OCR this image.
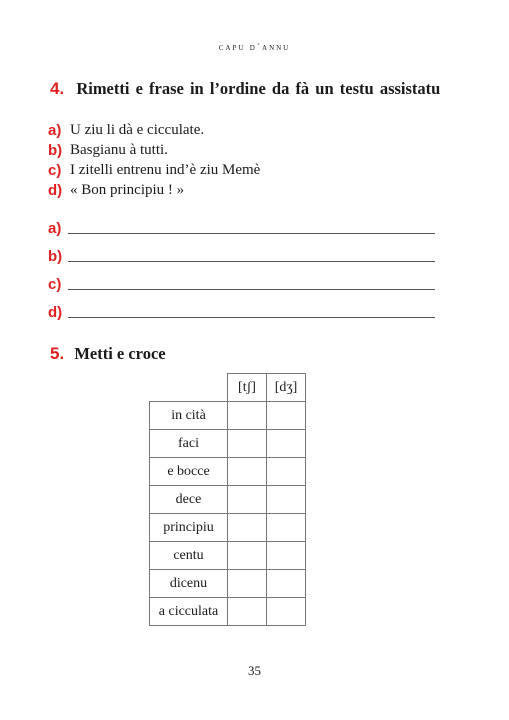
capu d´annu
4. Rimetti e frase in l’ordine da fà un testu assistatu
a) U ziu li dà e cicculate.
b) Basgianu à tutti.
c) I zitelli entrenu ind’è ziu Memè
d) « Bon principiu ! »
a)
b)
c)
d)
5. Metti e croce
	[tʃ]	[dʒ]
in cità		
faci		
e bocce		
dece		
principiu		
centu		
dicenu		
a cicculata		
35
